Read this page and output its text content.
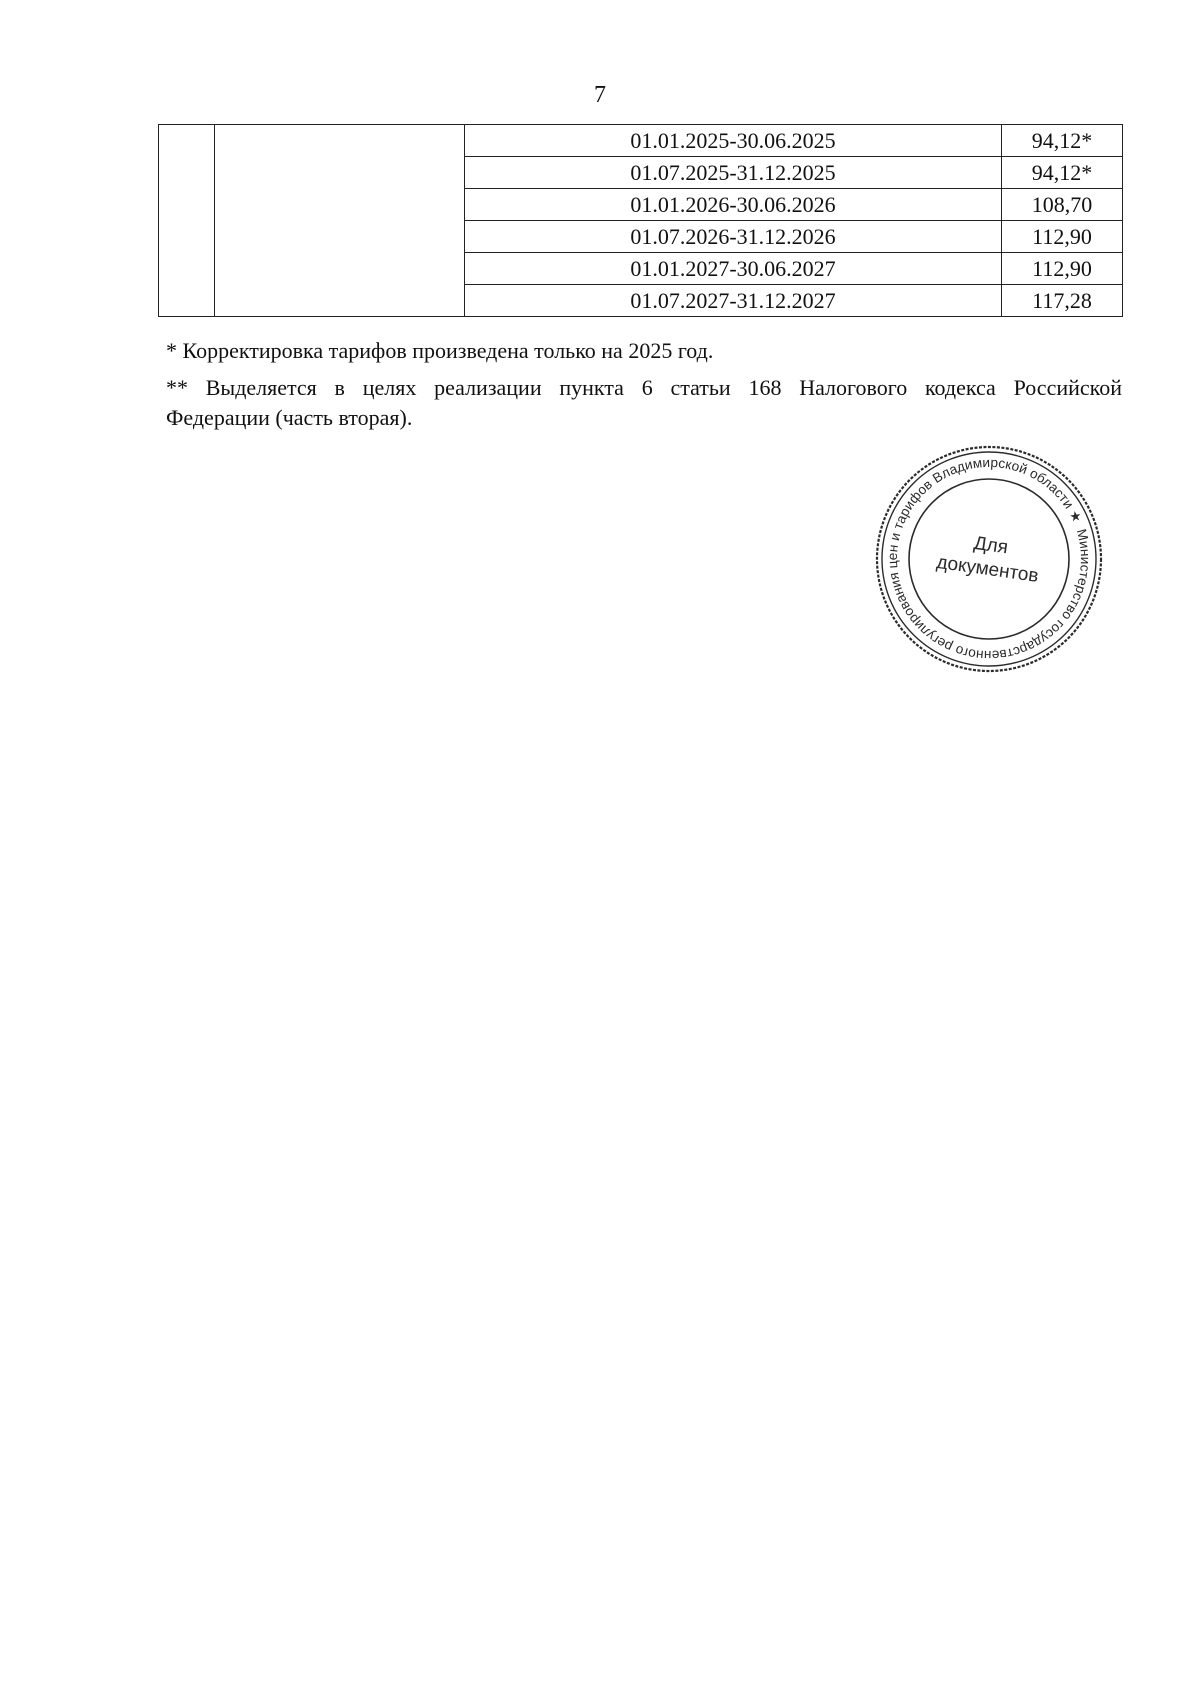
7
		01.01.2025-30.06.2025	94,12*
		01.07.2025-31.12.2025	94,12*
		01.01.2026-30.06.2026	108,70
		01.07.2026-31.12.2026	112,90
		01.01.2027-30.06.2027	112,90
		01.07.2027-31.12.2027	117,28
* Корректировка тарифов произведена только на 2025 год.
** Выделяется в целях реализации пункта 6 статьи 168 Налогового кодекса Российской
Федерации (часть вторая).
Министерство государственного регулирования цен и тарифов Владимирской области ★
Для
документов
